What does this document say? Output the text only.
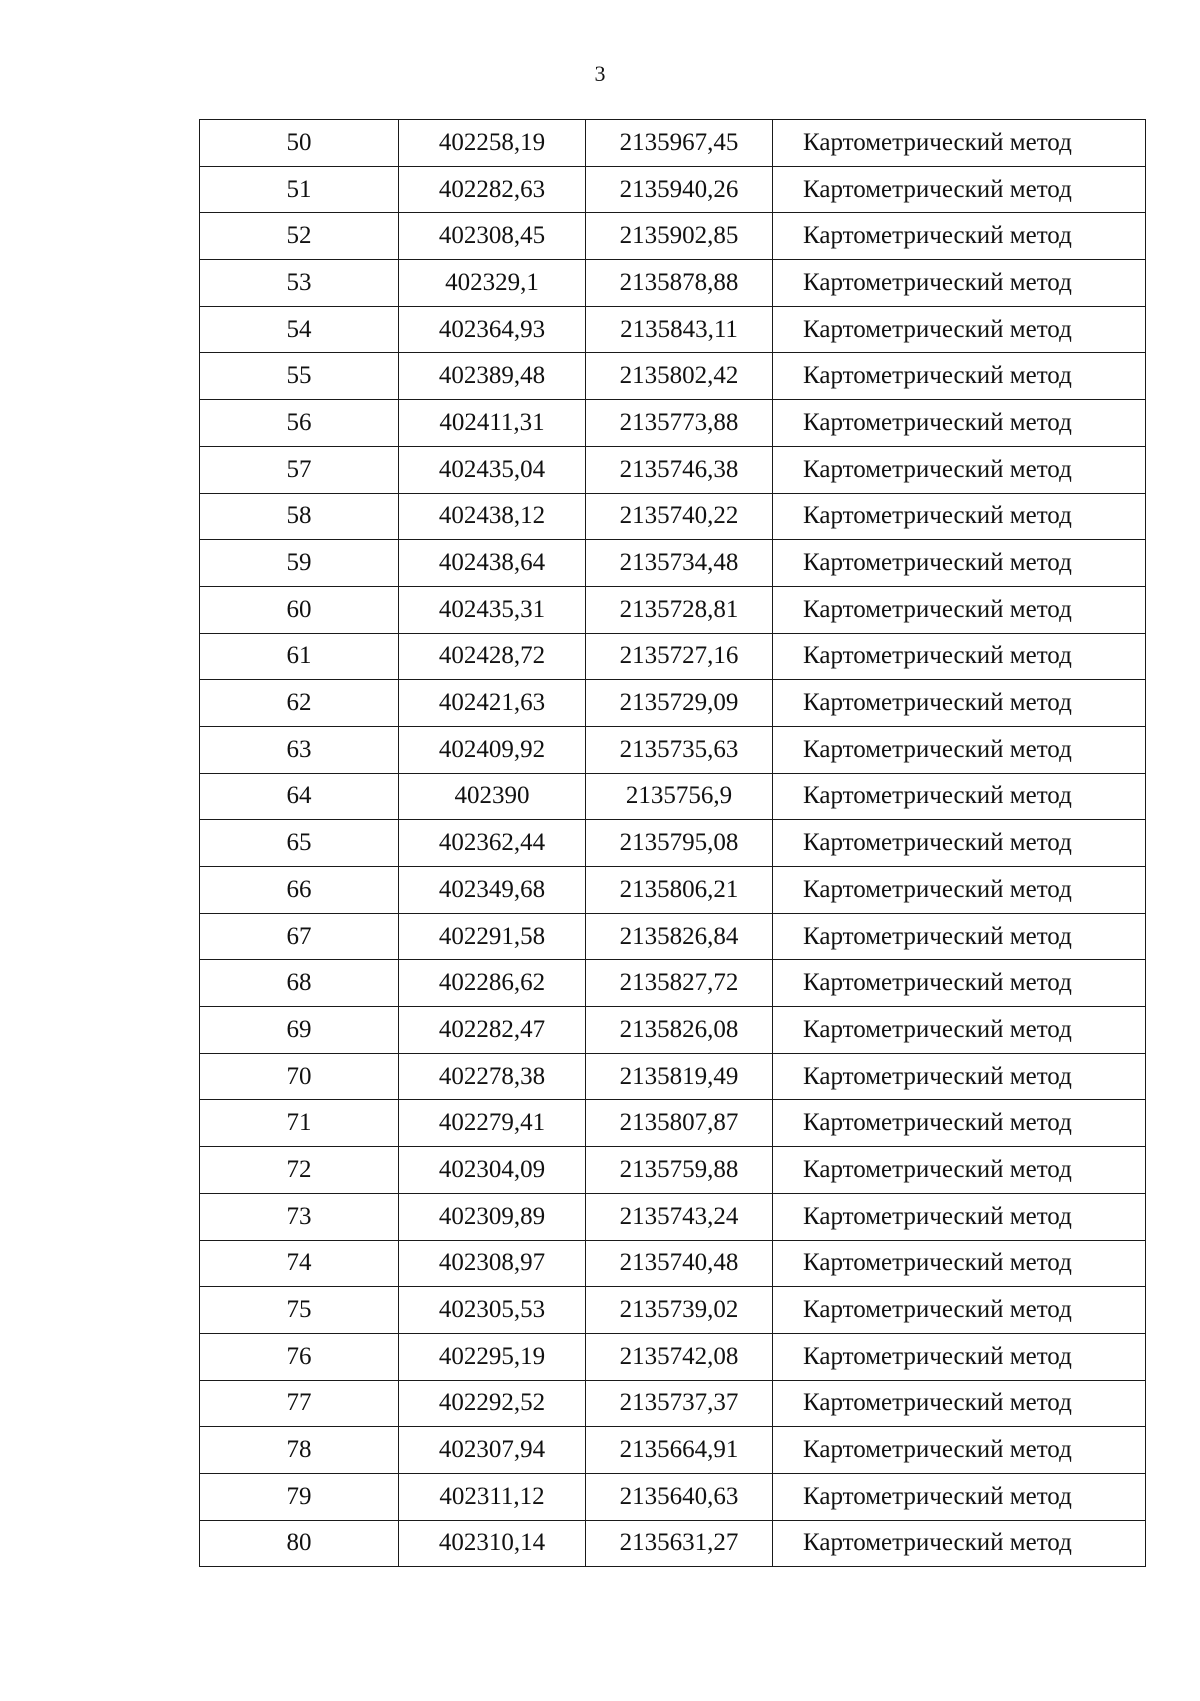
3
50	402258,19	2135967,45	Картометрический метод
51	402282,63	2135940,26	Картометрический метод
52	402308,45	2135902,85	Картометрический метод
53	402329,1	2135878,88	Картометрический метод
54	402364,93	2135843,11	Картометрический метод
55	402389,48	2135802,42	Картометрический метод
56	402411,31	2135773,88	Картометрический метод
57	402435,04	2135746,38	Картометрический метод
58	402438,12	2135740,22	Картометрический метод
59	402438,64	2135734,48	Картометрический метод
60	402435,31	2135728,81	Картометрический метод
61	402428,72	2135727,16	Картометрический метод
62	402421,63	2135729,09	Картометрический метод
63	402409,92	2135735,63	Картометрический метод
64	402390	2135756,9	Картометрический метод
65	402362,44	2135795,08	Картометрический метод
66	402349,68	2135806,21	Картометрический метод
67	402291,58	2135826,84	Картометрический метод
68	402286,62	2135827,72	Картометрический метод
69	402282,47	2135826,08	Картометрический метод
70	402278,38	2135819,49	Картометрический метод
71	402279,41	2135807,87	Картометрический метод
72	402304,09	2135759,88	Картометрический метод
73	402309,89	2135743,24	Картометрический метод
74	402308,97	2135740,48	Картометрический метод
75	402305,53	2135739,02	Картометрический метод
76	402295,19	2135742,08	Картометрический метод
77	402292,52	2135737,37	Картометрический метод
78	402307,94	2135664,91	Картометрический метод
79	402311,12	2135640,63	Картометрический метод
80	402310,14	2135631,27	Картометрический метод
